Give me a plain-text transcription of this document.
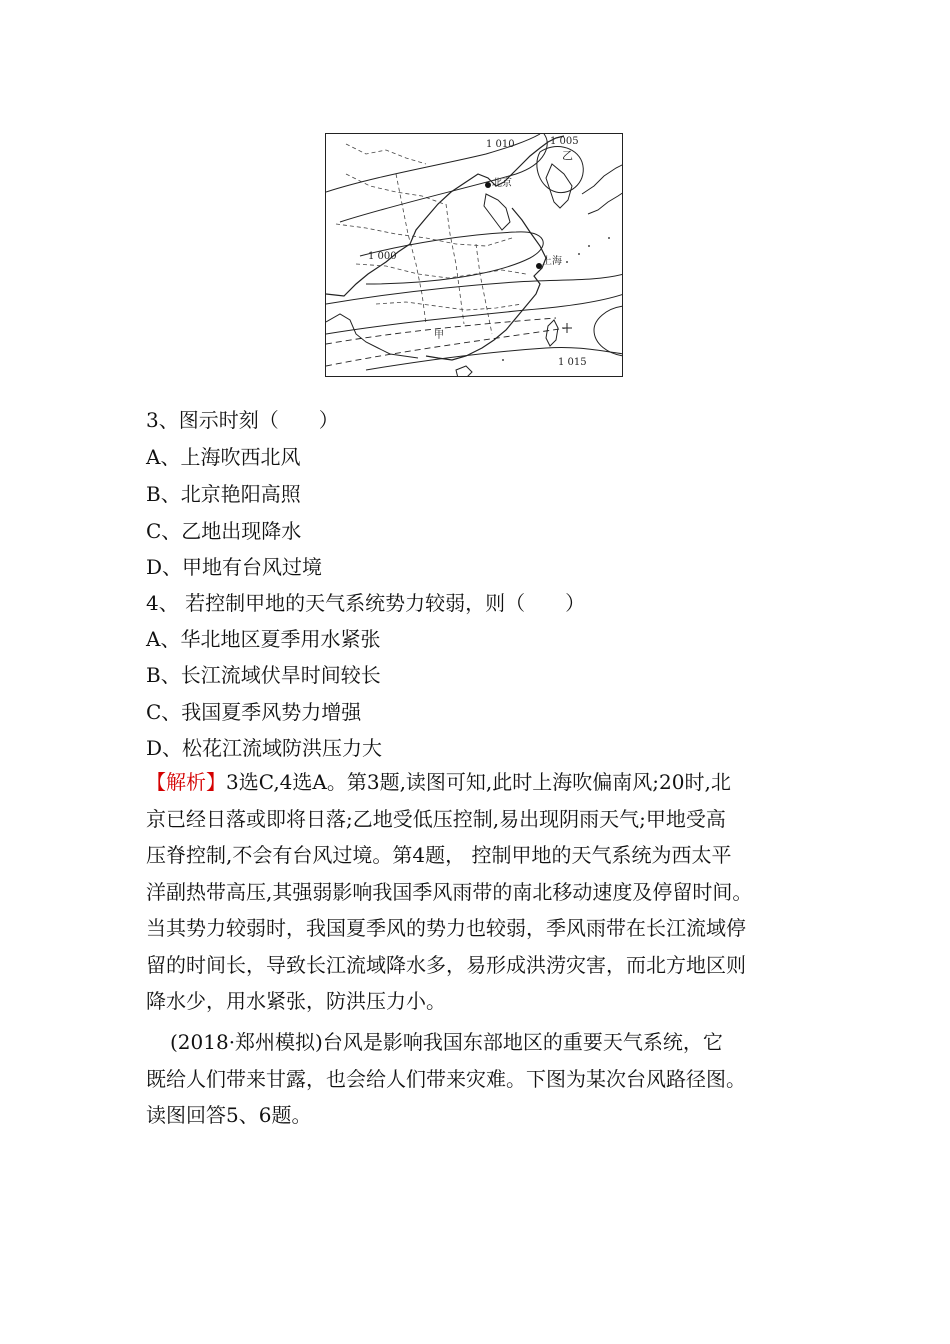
1 010	1 005
乙
北京
1 000	上海
甲
1 015
3、图示时刻（　　）
A、上海吹西北风
B、北京艳阳高照
C、乙地出现降水
D、甲地有台风过境
4、 若控制甲地的天气系统势力较弱，则（　　）
A、华北地区夏季用水紧张
B、长江流域伏旱时间较长
C、我国夏季风势力增强
D、松花江流域防洪压力大
【解析】3选C,4选A。第3题,读图可知,此时上海吹偏南风;20时,北
京已经日落或即将日落;乙地受低压控制,易出现阴雨天气;甲地受高
压脊控制,不会有台风过境。第4题， 控制甲地的天气系统为西太平
洋副热带高压,其强弱影响我国季风雨带的南北移动速度及停留时间。
当其势力较弱时，我国夏季风的势力也较弱，季风雨带在长江流域停
留的时间长，导致长江流域降水多，易形成洪涝灾害，而北方地区则
降水少，用水紧张，防洪压力小。
(2018·郑州模拟)台风是影响我国东部地区的重要天气系统，它
既给人们带来甘露，也会给人们带来灾难。下图为某次台风路径图。
读图回答5、6题。
